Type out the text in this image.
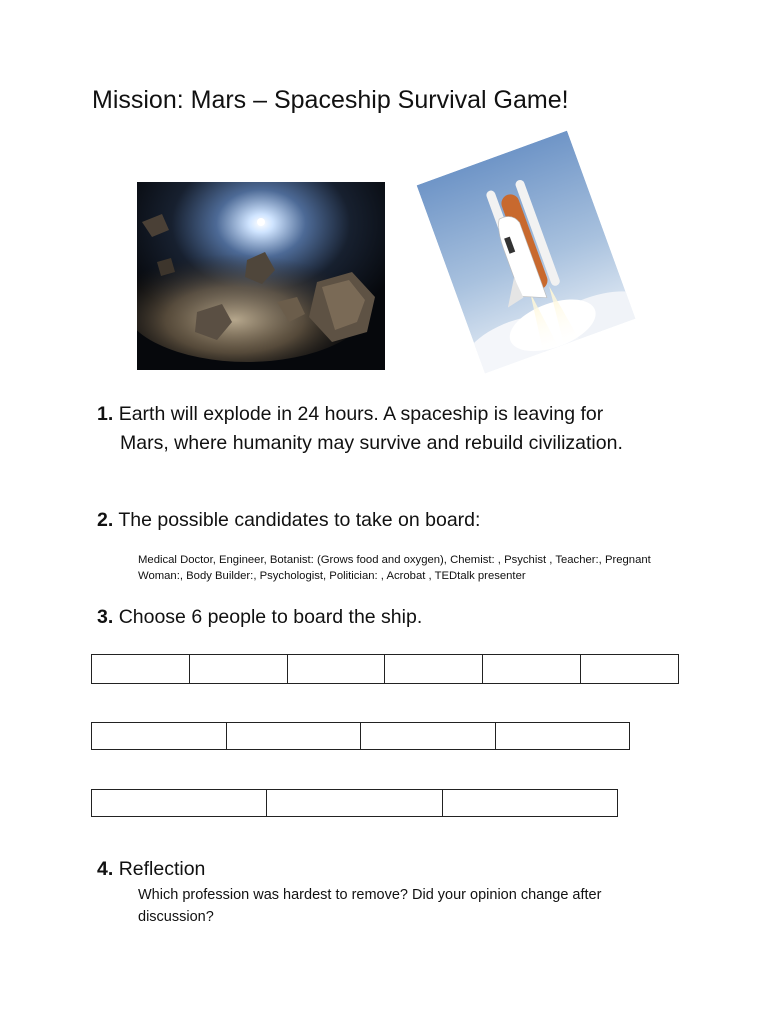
Mission: Mars – Spaceship Survival Game!
1. Earth will explode in 24 hours. A spaceship is leaving for
Mars, where humanity may survive and rebuild civilization.
2. The possible candidates to take on board:
Medical Doctor, Engineer, Botanist: (Grows food and oxygen), Chemist: , Psychist , Teacher:, Pregnant
Woman:, Body Builder:, Psychologist, Politician: , Acrobat , TEDtalk presenter
3. Choose 6 people to board the ship.
4. Reflection
Which profession was hardest to remove? Did your opinion change after
discussion?
